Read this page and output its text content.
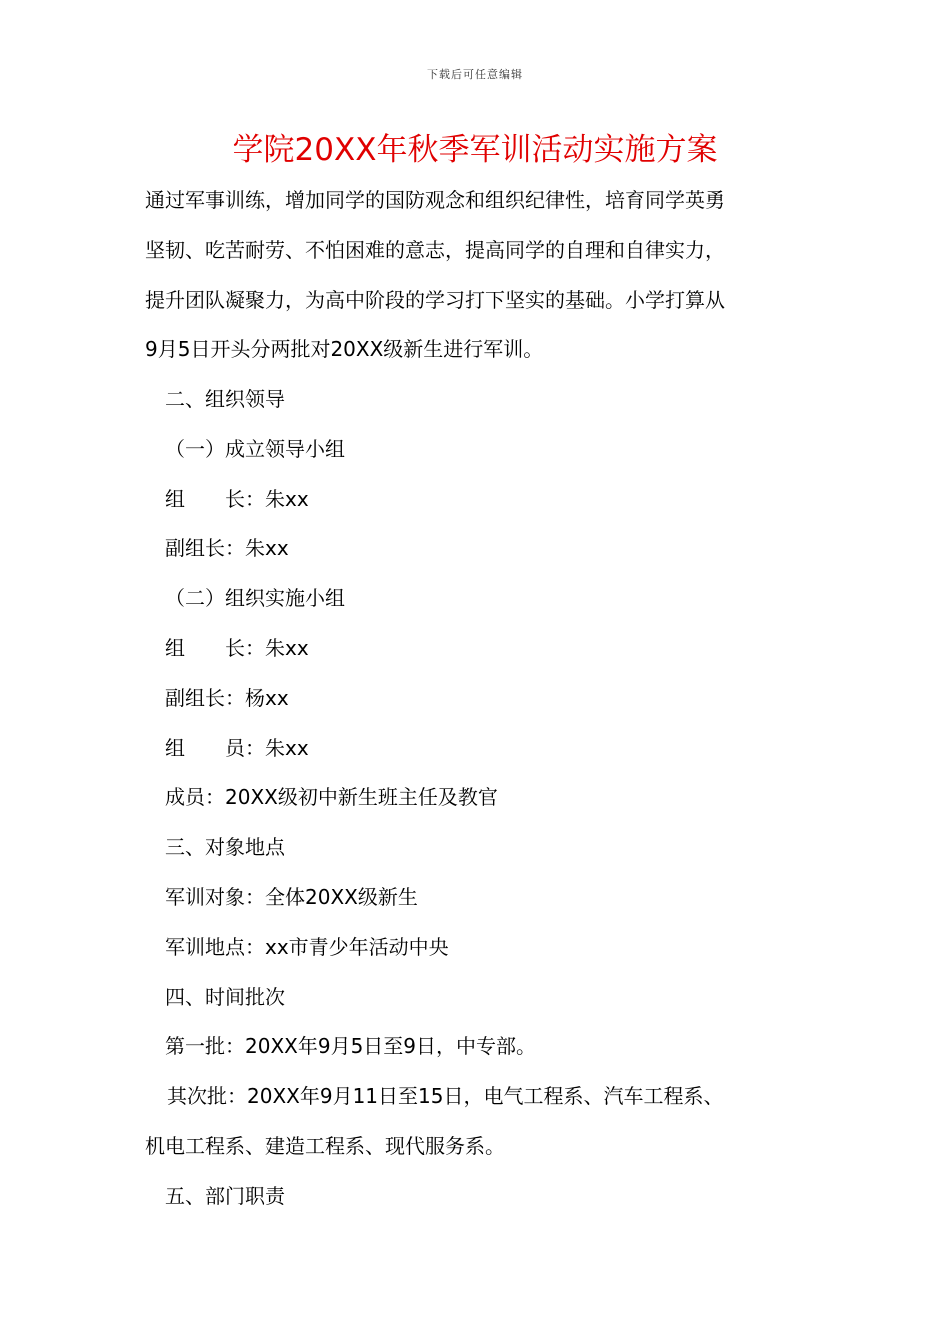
下载后可任意编辑
学院20XX年秋季军训活动实施方案

通过军事训练，增加同学的国防观念和组织纪律性，培育同学英勇

坚韧、吃苦耐劳、不怕困难的意志，提高同学的自理和自律实力，

提升团队凝聚力，为高中阶段的学习打下坚实的基础。小学打算从

9月5日开头分两批对20XX级新生进行军训。

二、组织领导

（一）成立领导小组

组　　长：朱xx

副组长：朱xx

（二）组织实施小组

组　　长：朱xx

副组长：杨xx

组　　员：朱xx

成员：20XX级初中新生班主任及教官

三、对象地点

军训对象：全体20XX级新生

军训地点：xx市青少年活动中央

四、时间批次

第一批：20XX年9月5日至9日，中专部。

其次批：20XX年9月11日至15日，电气工程系、汽车工程系、

机电工程系、建造工程系、现代服务系。

五、部门职责
